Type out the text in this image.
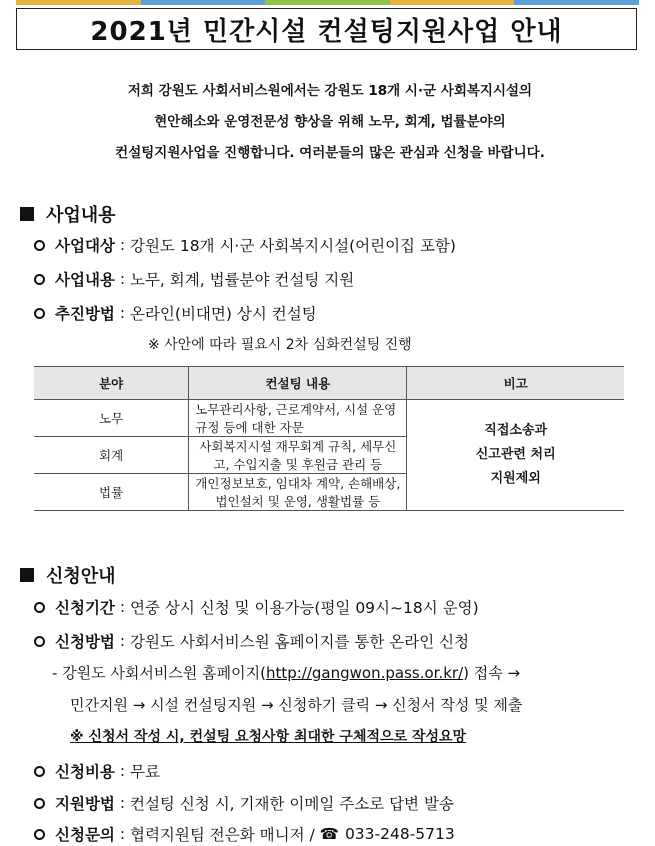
2021년 민간시설 컨설팅지원사업 안내
저희 강원도 사회서비스원에서는 강원도 18개 시·군 사회복지시설의
현안해소와 운영전문성 향상을 위해 노무, 회계, 법률분야의
컨설팅지원사업을 진행합니다. 여러분들의 많은 관심과 신청을 바랍니다.
사업내용
사업대상 : 강원도 18개 시·군 사회복지시설(어린이집 포함)
사업내용 : 노무, 회계, 법률분야 컨설팅 지원
추진방법 : 온라인(비대면) 상시 컨설팅
※ 사안에 따라 필요시 2차 심화컨설팅 진행
분야	컨설팅 내용	비고
노무	노무관리사항, 근로계약서, 시설 운영 규정 등에 대한 자문	직접소송과
신고관련 처리
지원제외

회계	사회복지시설 재무회계 규칙, 세무신고, 수입지출 및 후원금 관리 등	
법률	개인정보보호, 임대차 계약, 손해배상, 법인설치 및 운영, 생활법률 등	
신청안내
신청기간 : 연중 상시 신청 및 이용가능(평일 09시~18시 운영)
신청방법 : 강원도 사회서비스원 홈페이지를 통한 온라인 신청
- 강원도 사회서비스원 홈페이지(http://gangwon.pass.or.kr/) 접속 →
민간지원 → 시설 컨설팅지원 → 신청하기 클릭 → 신청서 작성 및 제출
※ 신청서 작성 시, 컨설팅 요청사항 최대한 구체적으로 작성요망
신청비용 : 무료
지원방법 : 컨설팅 신청 시, 기재한 이메일 주소로 답변 발송
신청문의 : 협력지원팀 전은화 매니저 / ☎ 033-248-5713
